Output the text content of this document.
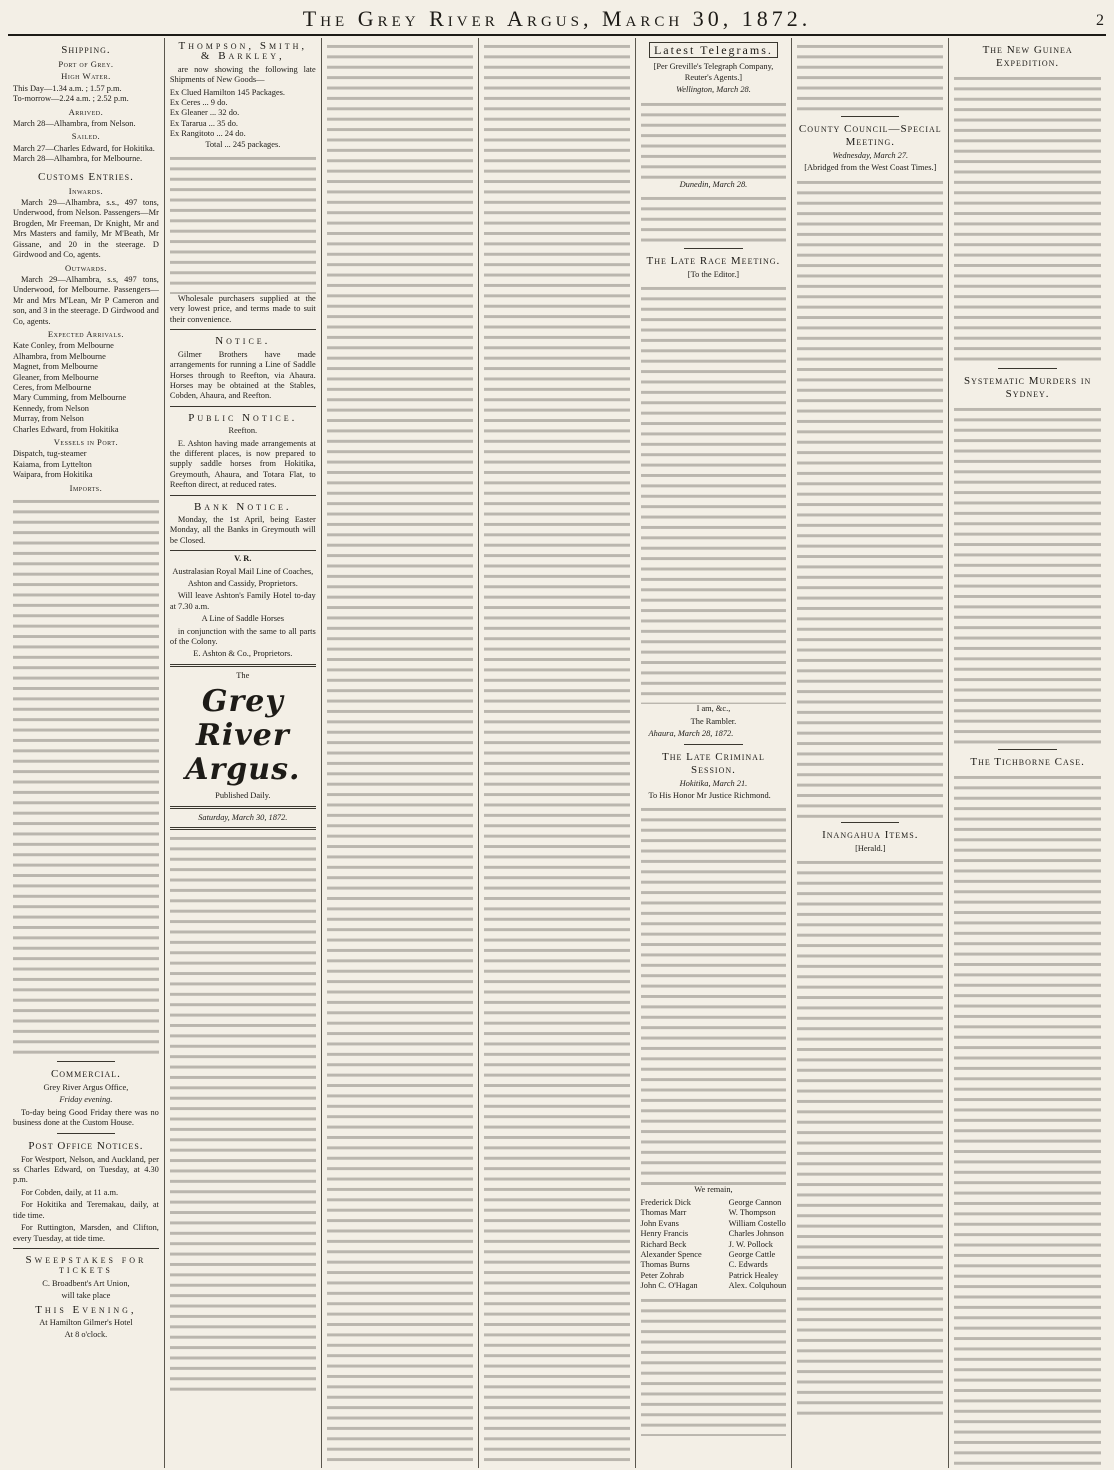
The Grey River Argus, March 30, 1872.	2
Shipping.
Port of Grey.
High Water.

This Day—1.34 a.m. ; 1.57 p.m.

To-morrow—2.24 a.m. ; 2.52 p.m.

Arrived.

March 28—Alhambra, from Nelson.

Sailed.

March 27—Charles Edward, for Hokitika.

March 28—Alhambra, for Melbourne.

Customs Entries.
Inwards.

March 29—Alhambra, s.s., 497 tons, Underwood, from Nelson. Passengers—Mr Brogden, Mr Freeman, Dr Knight, Mr and Mrs Masters and family, Mr M'Beath, Mr Gissane, and 20 in the steerage. D Girdwood and Co, agents.

Outwards.

March 29—Alhambra, s.s, 497 tons, Underwood, for Melbourne. Passengers—Mr and Mrs M'Lean, Mr P Cameron and son, and 3 in the steerage. D Girdwood and Co, agents.

Expected Arrivals.

Kate Conley, from Melbourne

Alhambra, from Melbourne

Magnet, from Melbourne

Gleaner, from Melbourne

Ceres, from Melbourne

Mary Cumming, from Melbourne

Kennedy, from Nelson

Murray, from Nelson

Charles Edward, from Hokitika

Vessels in Port.

Dispatch, tug-steamer

Kaiama, from Lyttelton

Waipara, from Hokitika

Imports.
Commercial.

Grey River Argus Office,

Friday evening.

To-day being Good Friday there was no business done at the Custom House.

Post Office Notices.

For Westport, Nelson, and Auckland, per ss Charles Edward, on Tuesday, at 4.30 p.m.

For Cobden, daily, at 11 a.m.

For Hokitika and Teremakau, daily, at tide time.

For Ruttington, Marsden, and Clifton, every Tuesday, at tide time.

Sweepstakes for tickets

C. Broadbent's Art Union,

will take place

This Evening,

At Hamilton Gilmer's Hotel

At 8 o'clock.

Thompson, Smith, & Barkley,

are now showing the following late Shipments of New Goods—

Ex Clued Hamilton 145 Packages.

Ex Ceres ... 9 do.

Ex Gleaner ... 32 do.

Ex Tararua ... 35 do.

Ex Rangitoto ... 24 do.

Total ... 245 packages.

Wholesale purchasers supplied at the very lowest price, and terms made to suit their convenience.

Notice.

Gilmer Brothers have made arrangements for running a Line of Saddle Horses through to Reefton, via Ahaura. Horses may be obtained at the Stables, Cobden, Ahaura, and Reefton.

Public Notice.

Reefton.

E. Ashton having made arrangements at the different places, is now prepared to supply saddle horses from Hokitika, Greymouth, Ahaura, and Totara Flat, to Reefton direct, at reduced rates.

Bank Notice.

Monday, the 1st April, being Easter Monday, all the Banks in Greymouth will be Closed.

V. R.

Australasian Royal Mail Line of Coaches,

Ashton and Cassidy, Proprietors.

Will leave Ashton's Family Hotel to-day at 7.30 a.m.

A Line of Saddle Horses

in conjunction with the same to all parts of the Colony.

E. Ashton & Co., Proprietors.

The

Grey River Argus.

Published Daily.

Saturday, March 30, 1872.

Latest Telegrams.

[Per Greville's Telegraph Company, Reuter's Agents.]

Wellington, March 28.

Dunedin, March 28.

The Late Race Meeting.

[To the Editor.]

I am, &c.,

The Rambler.

Ahaura, March 28, 1872.

The Late Criminal Session.

Hokitika, March 21.

To His Honor Mr Justice Richmond.

We remain,

Frederick Dick

Thomas Marr

John Evans

Henry Francis

Richard Beck

Alexander Spence

Thomas Burns

Peter Zohrab

John C. O'Hagan

George Cannon

W. Thompson

William Costello

Charles Johnson

J. W. Pollock

George Cattle

C. Edwards

Patrick Healey

Alex. Colquhoun

County Council—Special Meeting.

Wednesday, March 27.

[Abridged from the West Coast Times.]

Inangahua Items.

[Herald.]

The New Guinea Expedition.
Systematic Murders in Sydney.
The Tichborne Case.
